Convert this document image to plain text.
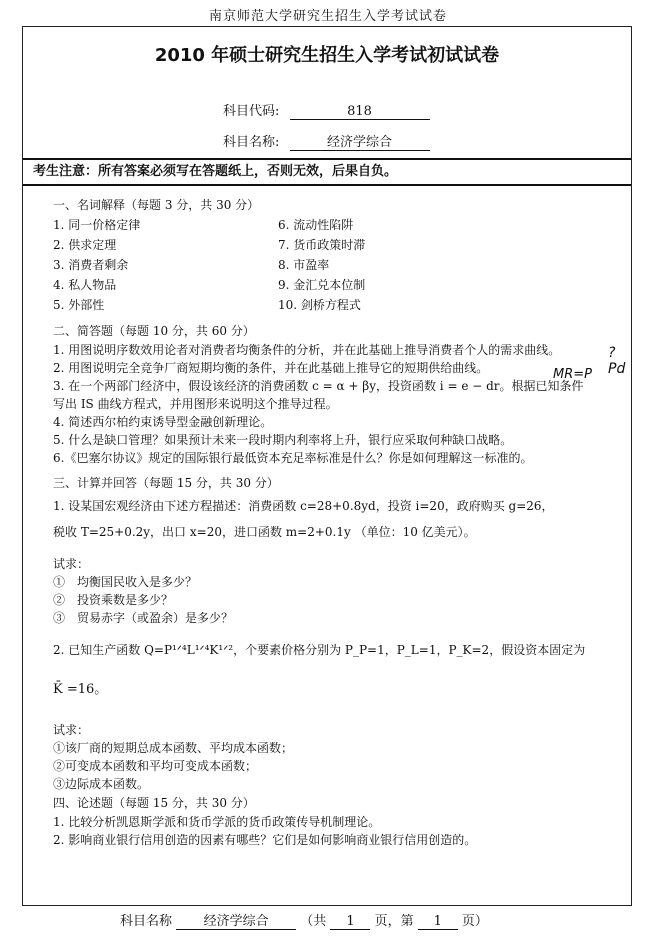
南京师范大学研究生招生入学考试试卷
2010 年硕士研究生招生入学考试初试试卷
科目代码:	818
科目名称:	经济学综合
考生注意：所有答案必须写在答题纸上，否则无效，后果自负。

一、名词解释（每题 3 分，共 30 分）

1. 同一价格定律	6. 流动性陷阱
2. 供求定理	7. 货币政策时滞
3. 消费者剩余	8. 市盈率
4. 私人物品	9. 金汇兑本位制
5. 外部性	10. 剑桥方程式

二、简答题（每题 10 分，共 60 分）

1. 用图说明序数效用论者对消费者均衡条件的分析，并在此基础上推导消费者个人的需求曲线。

2. 用图说明完全竞争厂商短期均衡的条件，并在此基础上推导它的短期供给曲线。

3. 在一个两部门经济中，假设该经济的消费函数 c = α + βy，投资函数 i = e − dr。根据已知条件

写出 IS 曲线方程式，并用图形来说明这个推导过程。

4. 简述西尔柏约束诱导型金融创新理论。

5. 什么是缺口管理？如果预计未来一段时期内利率将上升，银行应采取何种缺口战略。

6.《巴塞尔协议》规定的国际银行最低资本充足率标准是什么？你是如何理解这一标准的。

三、计算并回答（每题 15 分，共 30 分）

1. 设某国宏观经济由下述方程描述：消费函数 c=28+0.8yd，投资 i=20，政府购买 g=26，

税收 T=25+0.2y，出口 x=20，进口函数 m=2+0.1y （单位：10 亿美元）。

试求：

①　均衡国民收入是多少？

②　投资乘数是多少？

③　贸易赤字（或盈余）是多少？

2. 已知生产函数 Q=P¹ᐟ⁴L¹ᐟ⁴K¹ᐟ²，个要素价格分别为 P_P=1，P_L=1，P_K=2，假设资本固定为

K̄ =16。

试求：

①该厂商的短期总成本函数、平均成本函数；

②可变成本函数和平均可变成本函数；

③边际成本函数。

四、论述题（每题 15 分，共 30 分）

1. 比较分析凯恩斯学派和货币学派的货币政策传导机制理论。

2. 影响商业银行信用创造的因素有哪些？它们是如何影响商业银行信用创造的。

? Pd
MR=P
科目名称 经济学综合 （共 1 页，第 1 页）
